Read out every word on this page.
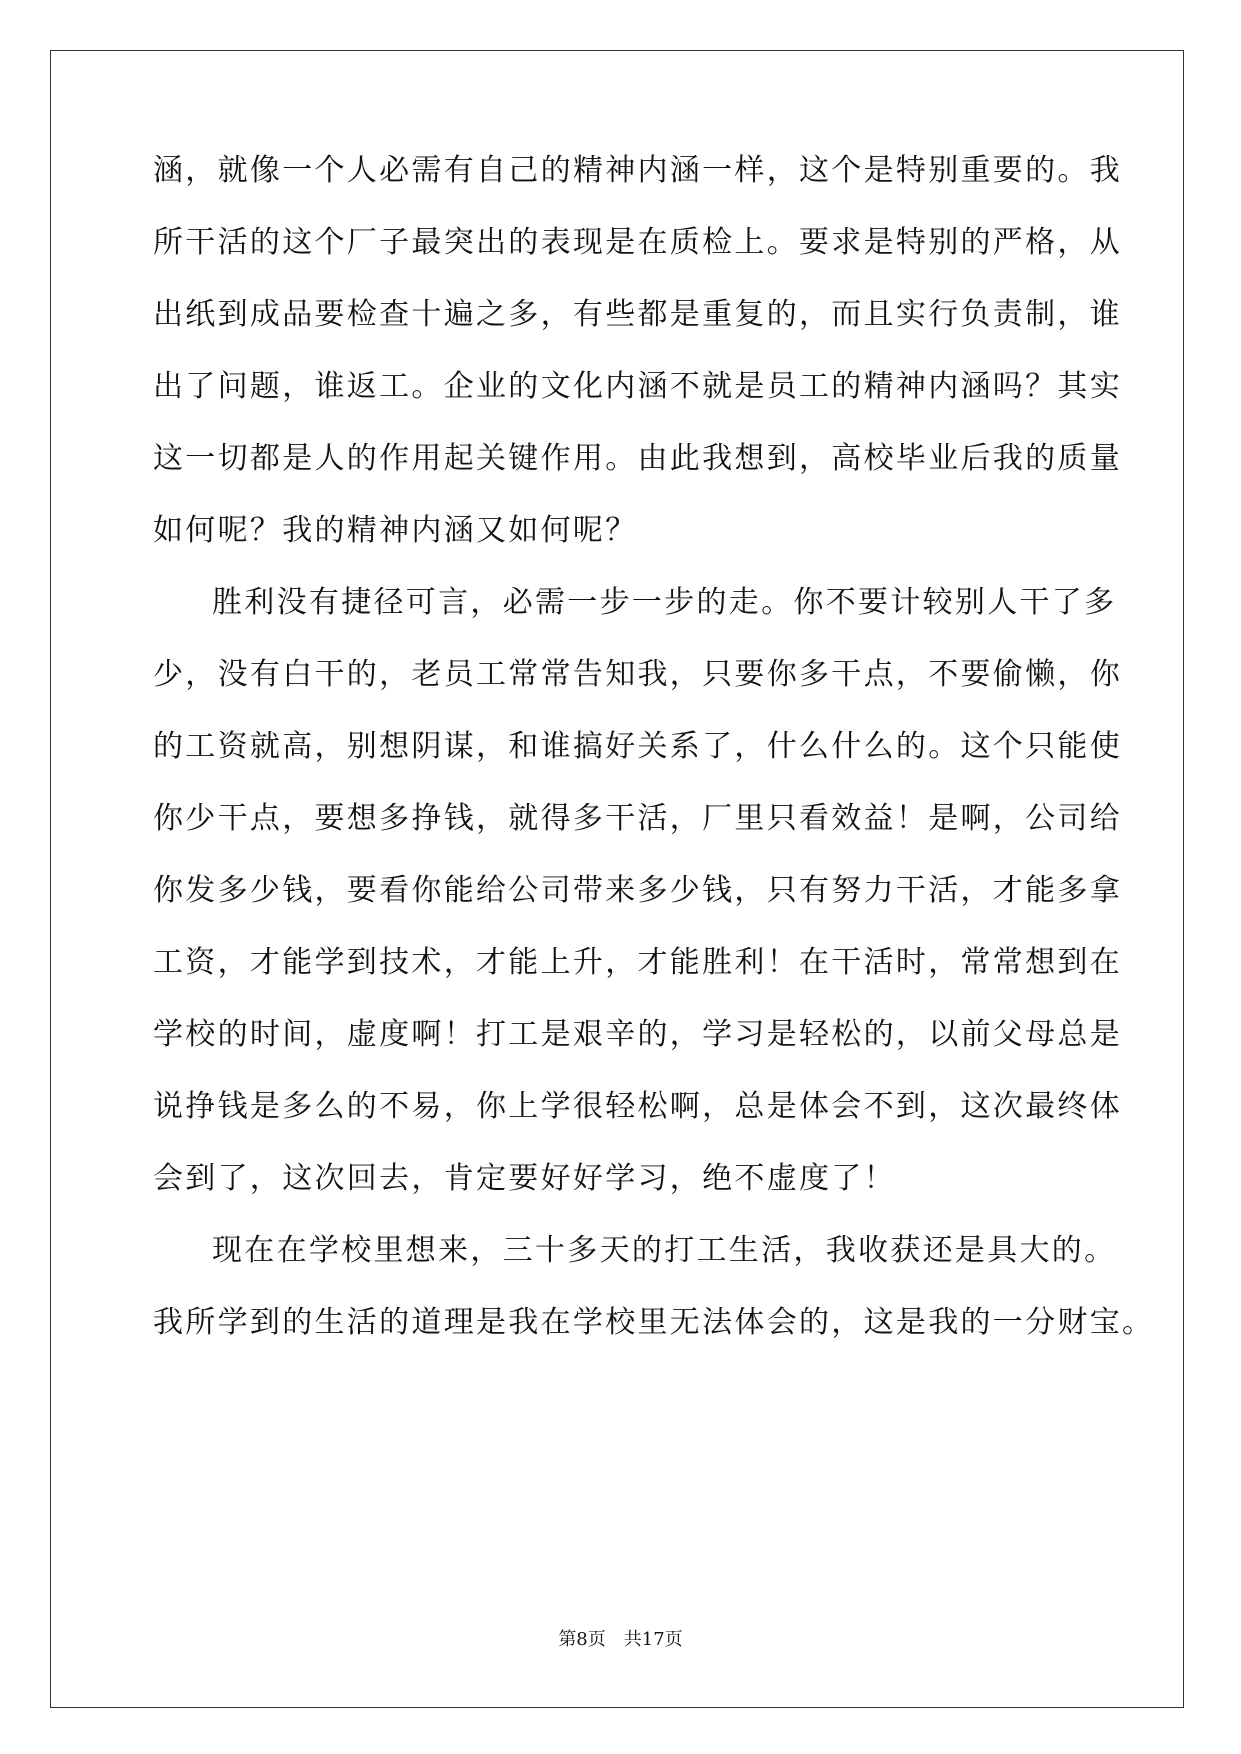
涵，就像一个人必需有自己的精神内涵一样，这个是特别重要的。我
所干活的这个厂子最突出的表现是在质检上。要求是特别的严格，从
出纸到成品要检查十遍之多，有些都是重复的，而且实行负责制，谁
出了问题，谁返工。企业的文化内涵不就是员工的精神内涵吗？其实
这一切都是人的作用起关键作用。由此我想到，高校毕业后我的质量
如何呢？我的精神内涵又如何呢？
胜利没有捷径可言，必需一步一步的走。你不要计较别人干了多
少，没有白干的，老员工常常告知我，只要你多干点，不要偷懒，你
的工资就高，别想阴谋，和谁搞好关系了，什么什么的。这个只能使
你少干点，要想多挣钱，就得多干活，厂里只看效益！是啊，公司给
你发多少钱，要看你能给公司带来多少钱，只有努力干活，才能多拿
工资，才能学到技术，才能上升，才能胜利！在干活时，常常想到在
学校的时间，虚度啊！打工是艰辛的，学习是轻松的，以前父母总是
说挣钱是多么的不易，你上学很轻松啊，总是体会不到，这次最终体
会到了，这次回去，肯定要好好学习，绝不虚度了！
现在在学校里想来，三十多天的打工生活，我收获还是具大的。
我所学到的生活的道理是我在学校里无法体会的，这是我的一分财宝。
第8页 共17页
